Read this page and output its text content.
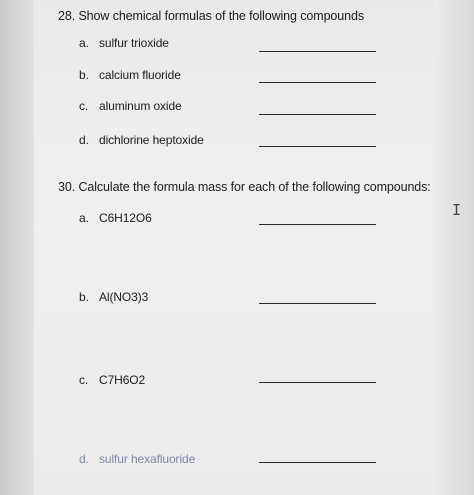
28. Show chemical formulas of the following compounds
a. sulfur trioxide
b. calcium fluoride
c. aluminum oxide
d. dichlorine heptoxide
30. Calculate the formula mass for each of the following compounds:
a. C6H12O6
b. Al(NO3)3
c. C7H6O2
d. sulfur hexafluoride
I
